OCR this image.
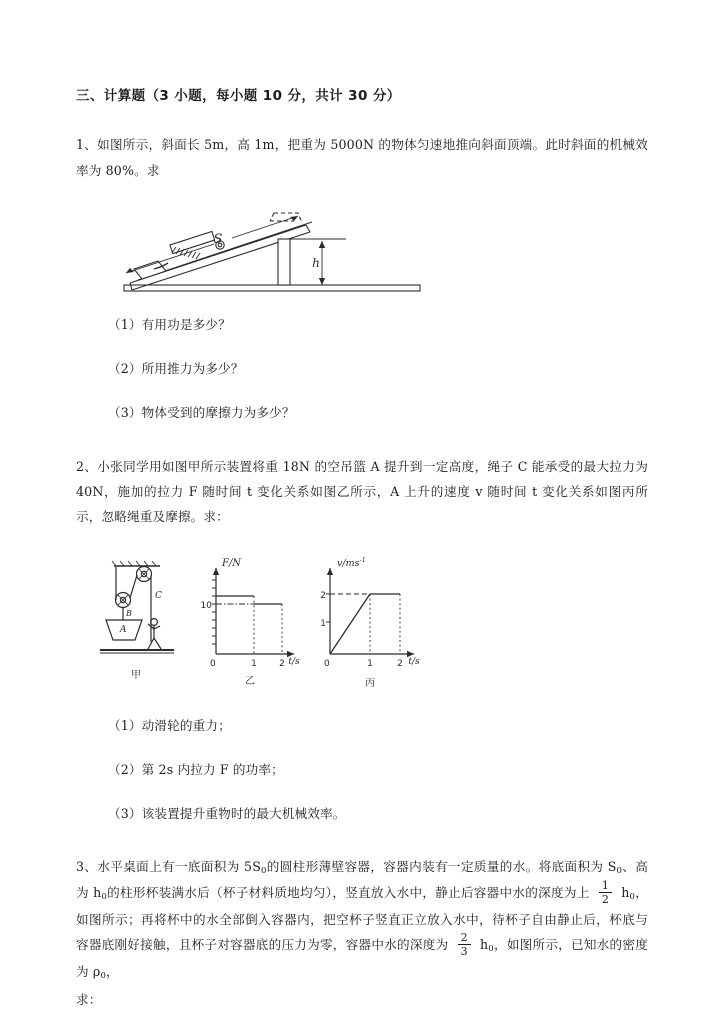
三、计算题（3 小题，每小题 10 分，共计 30 分）

1、如图所示，斜面长 5m，高 1m，把重为 5000N 的物体匀速地推向斜面顶端。此时斜面的机械效率为 80%。求

S
h
（1）有用功是多少？
（2）所用推力为多少？
（3）物体受到的摩擦力为多少？

2、小张同学用如图甲所示装置将重 18N 的空吊篮 A 提升到一定高度，绳子 C 能承受的最大拉力为 40N，施加的拉力 F 随时间 t 变化关系如图乙所示，A 上升的速度 v 随时间 t 变化关系如图丙所示，忽略绳重及摩擦。求：

A
B
C
甲
F/N
10
0	1 2 t/s
乙
$v/ms^{-1}$
2
1
0	1	2 t/s
丙
（1）动滑轮的重力；
（2）第 2s 内拉力 F 的功率；
（3）该装置提升重物时的最大机械效率。

3、水平桌面上有一底面积为 $5S_0$的圆柱形薄壁容器，容器内装有一定质量的水。将底面积为 $S_0$、高为 $h_0$的柱形杯装满水后（杯子材料质地均匀），竖直放入水中，静止后容器中水的深度为上 $\frac{1}{2} h_0$，如图所示；再将杯中的水全部倒入容器内，把空杯子竖直正立放入水中，待杯子自由静止后，杯底与容器底刚好接触，且杯子对容器底的压力为零，容器中水的深度为 $\frac{2}{3} h_0$，如图所示，已知水的密度为 $\rho_0$，

求：
